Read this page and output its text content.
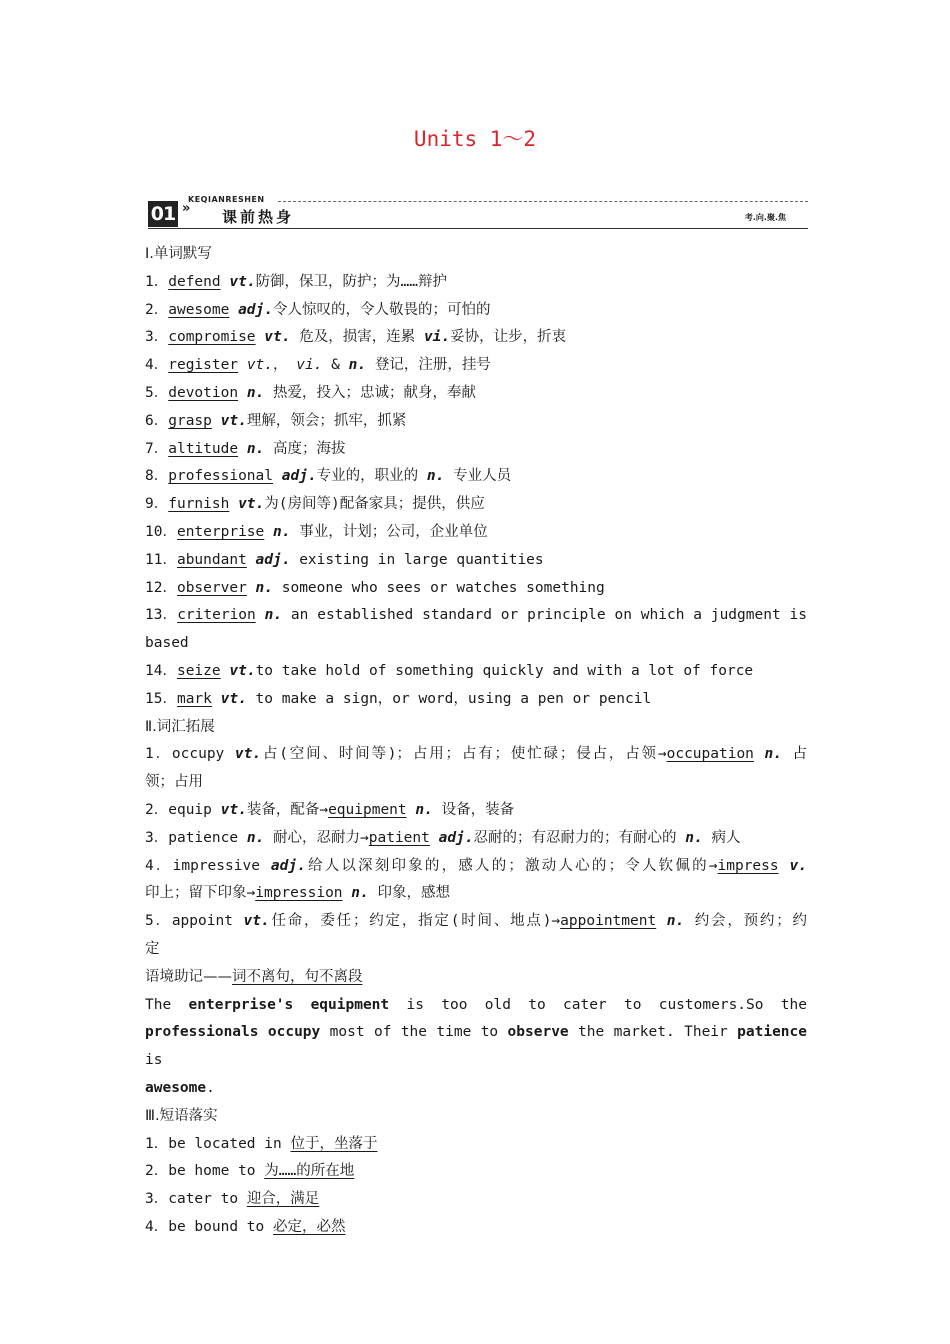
Units 1～2
KEQIANRESHEN
01 » 课前热身	考.向.聚.焦
Ⅰ.单词默写
1．defend vt.防御，保卫，防护；为……辩护
2．awesome adj.令人惊叹的，令人敬畏的；可怕的
3．compromise vt. 危及，损害，连累 vi.妥协，让步，折衷
4．register vt.， vi. & n. 登记，注册，挂号
5．devotion n. 热爱，投入；忠诚；献身，奉献
6．grasp vt.理解，领会；抓牢，抓紧
7．altitude n. 高度；海拔
8．professional adj.专业的，职业的 n. 专业人员
9．furnish vt.为(房间等)配备家具；提供，供应
10．enterprise n. 事业，计划；公司，企业单位
11．abundant adj. existing in large quantities
12．observer n. someone who sees or watches something
13．criterion n. an established standard or principle on which a judgment is
based
14．seize vt.to take hold of something quickly and with a lot of force
15．mark vt. to make a sign，or word，using a pen or pencil
Ⅱ.词汇拓展
1．occupy vt.占(空间、时间等)；占用；占有；使忙碌；侵占，占领→occupation n. 占
领；占用
2．equip vt.装备，配备→equipment n. 设备，装备
3．patience n. 耐心，忍耐力→patient adj.忍耐的；有忍耐力的；有耐心的 n. 病人
4．impressive adj.给人以深刻印象的，感人的；激动人心的；令人钦佩的→impress v.
印上；留下印象→impression n. 印象，感想
5．appoint vt.任命，委任；约定，指定(时间、地点)→appointment n. 约会，预约；约
定
语境助记——词不离句，句不离段
The enterprise's equipment is too old to cater to customers.So the
professionals occupy most of the time to observe the market. Their patience is
awesome.
Ⅲ.短语落实
1．be located in 位于，坐落于
2．be home to 为……的所在地
3．cater to 迎合，满足
4．be bound to 必定，必然
